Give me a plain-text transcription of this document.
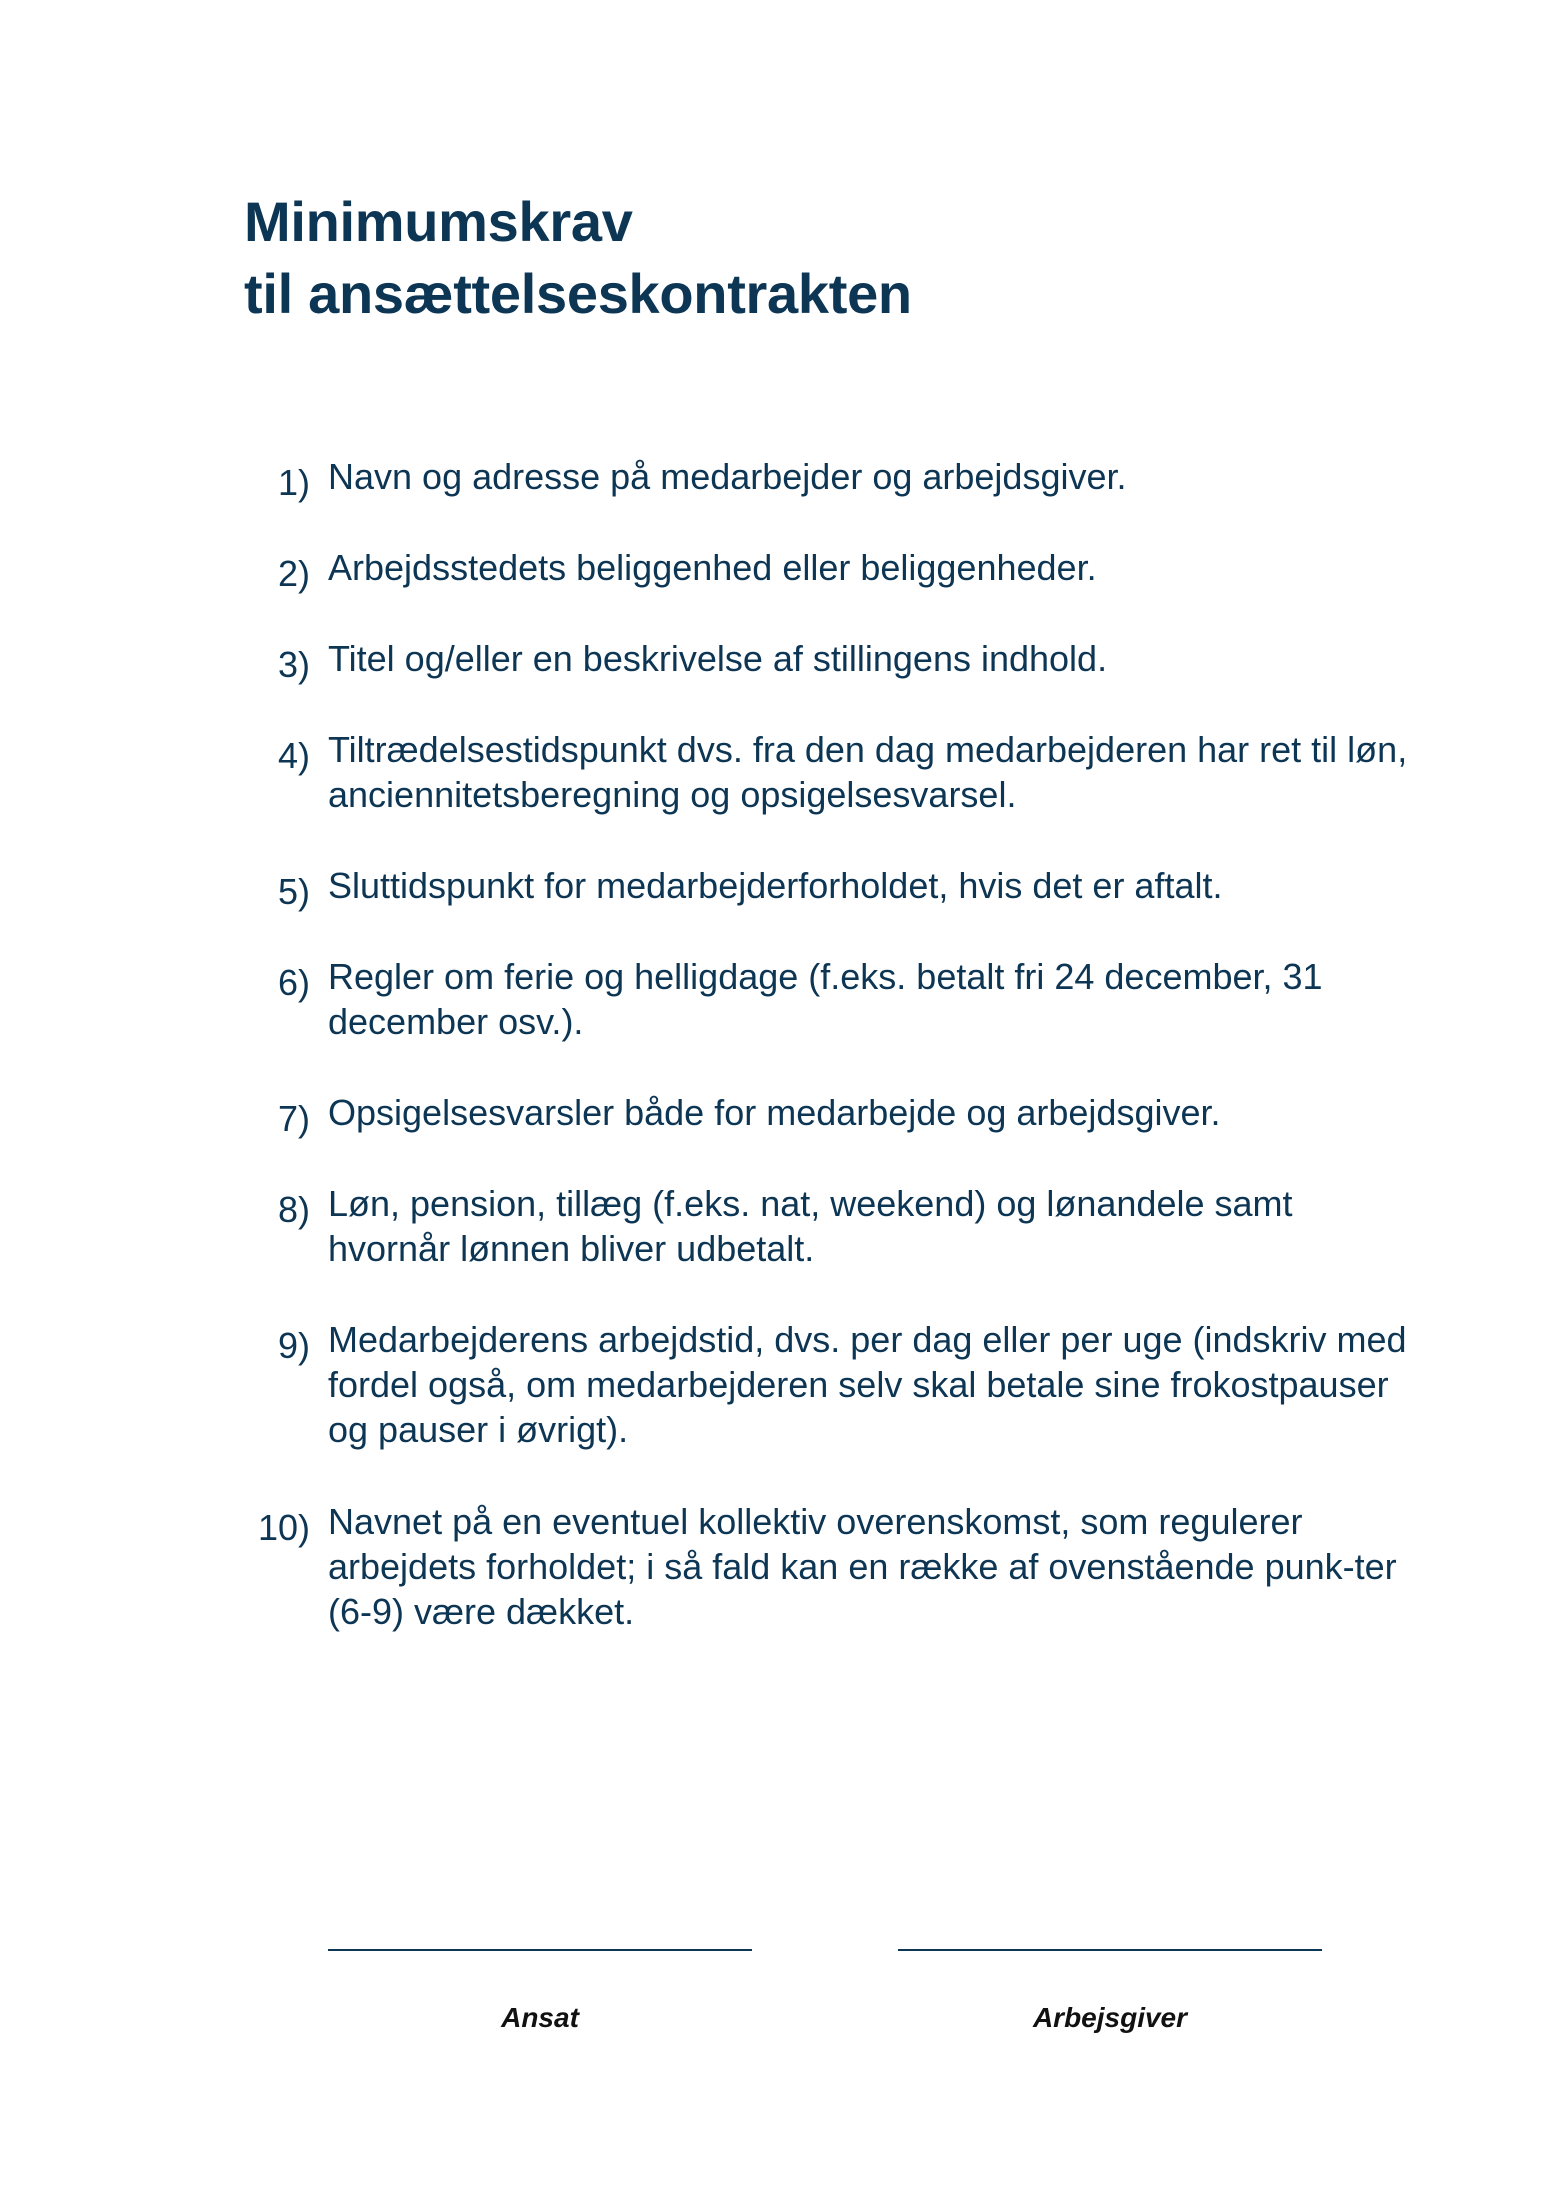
Minimumskrav
til ansættelseskontrakten
1) Navn og adresse på medarbejder og arbejdsgiver.
2) Arbejdsstedets beliggenhed eller beliggenheder.
3) Titel og/eller en beskrivelse af stillingens indhold.
4) Tiltrædelsestidspunkt dvs. fra den dag medarbejderen har ret til løn, anciennitetsberegning og opsigelsesvarsel.
5) Sluttidspunkt for medarbejderforholdet, hvis det er aftalt.
6) Regler om ferie og helligdage (f.eks. betalt fri 24 december, 31 december osv.).
7) Opsigelsesvarsler både for medarbejde og arbejdsgiver.
8) Løn, pension, tillæg (f.eks. nat, weekend) og lønandele samt hvornår lønnen bliver udbetalt.
9) Medarbejderens arbejdstid, dvs. per dag eller per uge (indskriv med fordel også, om medarbejderen selv skal betale sine frokostpauser og pauser i øvrigt).
10) Navnet på en eventuel kollektiv overenskomst, som regulerer arbejdets forholdet; i så fald kan en række af ovenstående punk-ter (6-9) være dækket.
Ansat	Arbejsgiver
